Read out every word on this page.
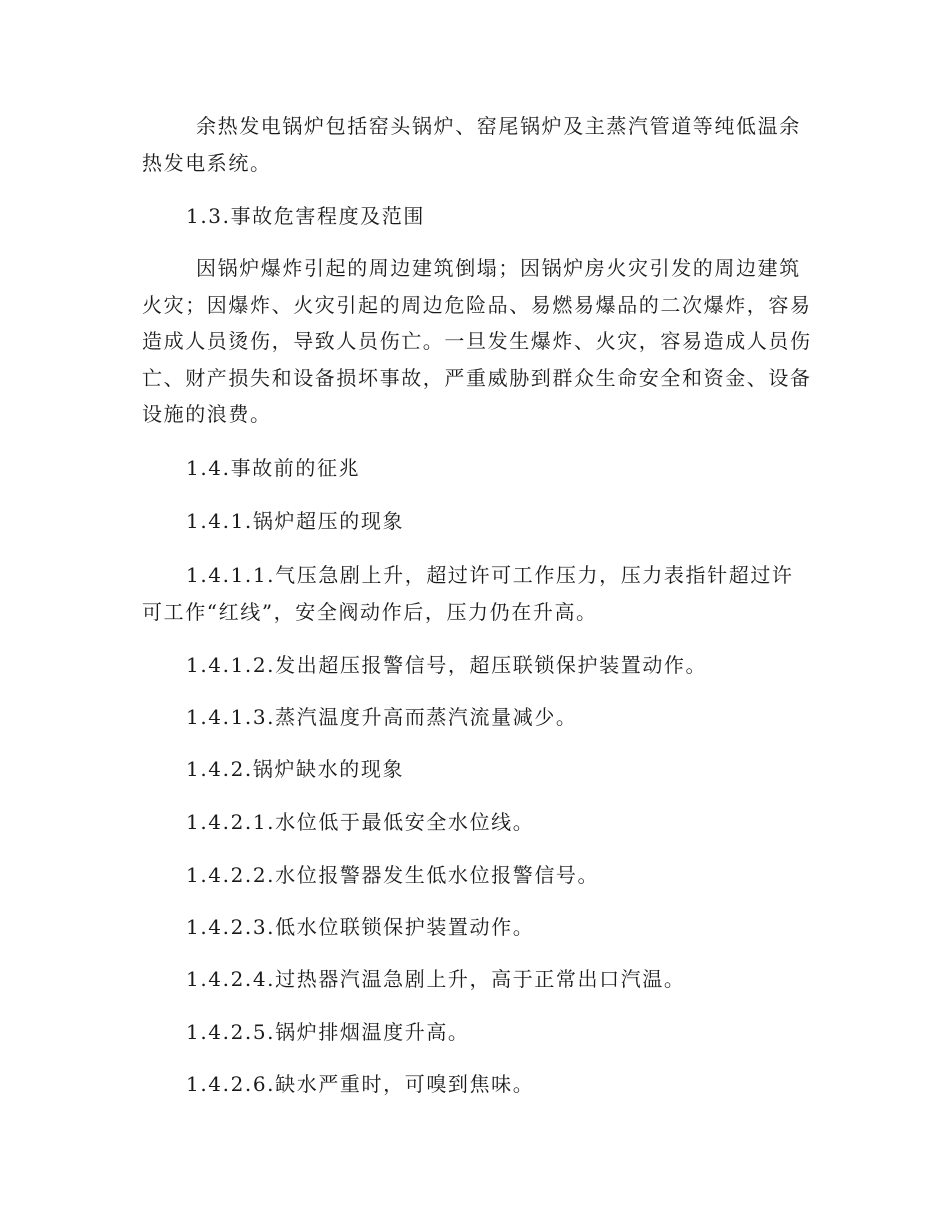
余热发电锅炉包括窑头锅炉、窑尾锅炉及主蒸汽管道等纯低温余热发电系统。

1.3.事故危害程度及范围

因锅炉爆炸引起的周边建筑倒塌；因锅炉房火灾引发的周边建筑火灾；因爆炸、火灾引起的周边危险品、易燃易爆品的二次爆炸，容易造成人员烫伤，导致人员伤亡。一旦发生爆炸、火灾，容易造成人员伤亡、财产损失和设备损坏事故，严重威胁到群众生命安全和资金、设备设施的浪费。

1.4.事故前的征兆

1.4.1.锅炉超压的现象

1.4.1.1.气压急剧上升，超过许可工作压力，压力表指针超过许可工作“红线”，安全阀动作后，压力仍在升高。

1.4.1.2.发出超压报警信号，超压联锁保护装置动作。

1.4.1.3.蒸汽温度升高而蒸汽流量减少。

1.4.2.锅炉缺水的现象

1.4.2.1.水位低于最低安全水位线。

1.4.2.2.水位报警器发生低水位报警信号。

1.4.2.3.低水位联锁保护装置动作。

1.4.2.4.过热器汽温急剧上升，高于正常出口汽温。

1.4.2.5.锅炉排烟温度升高。

1.4.2.6.缺水严重时，可嗅到焦味。
